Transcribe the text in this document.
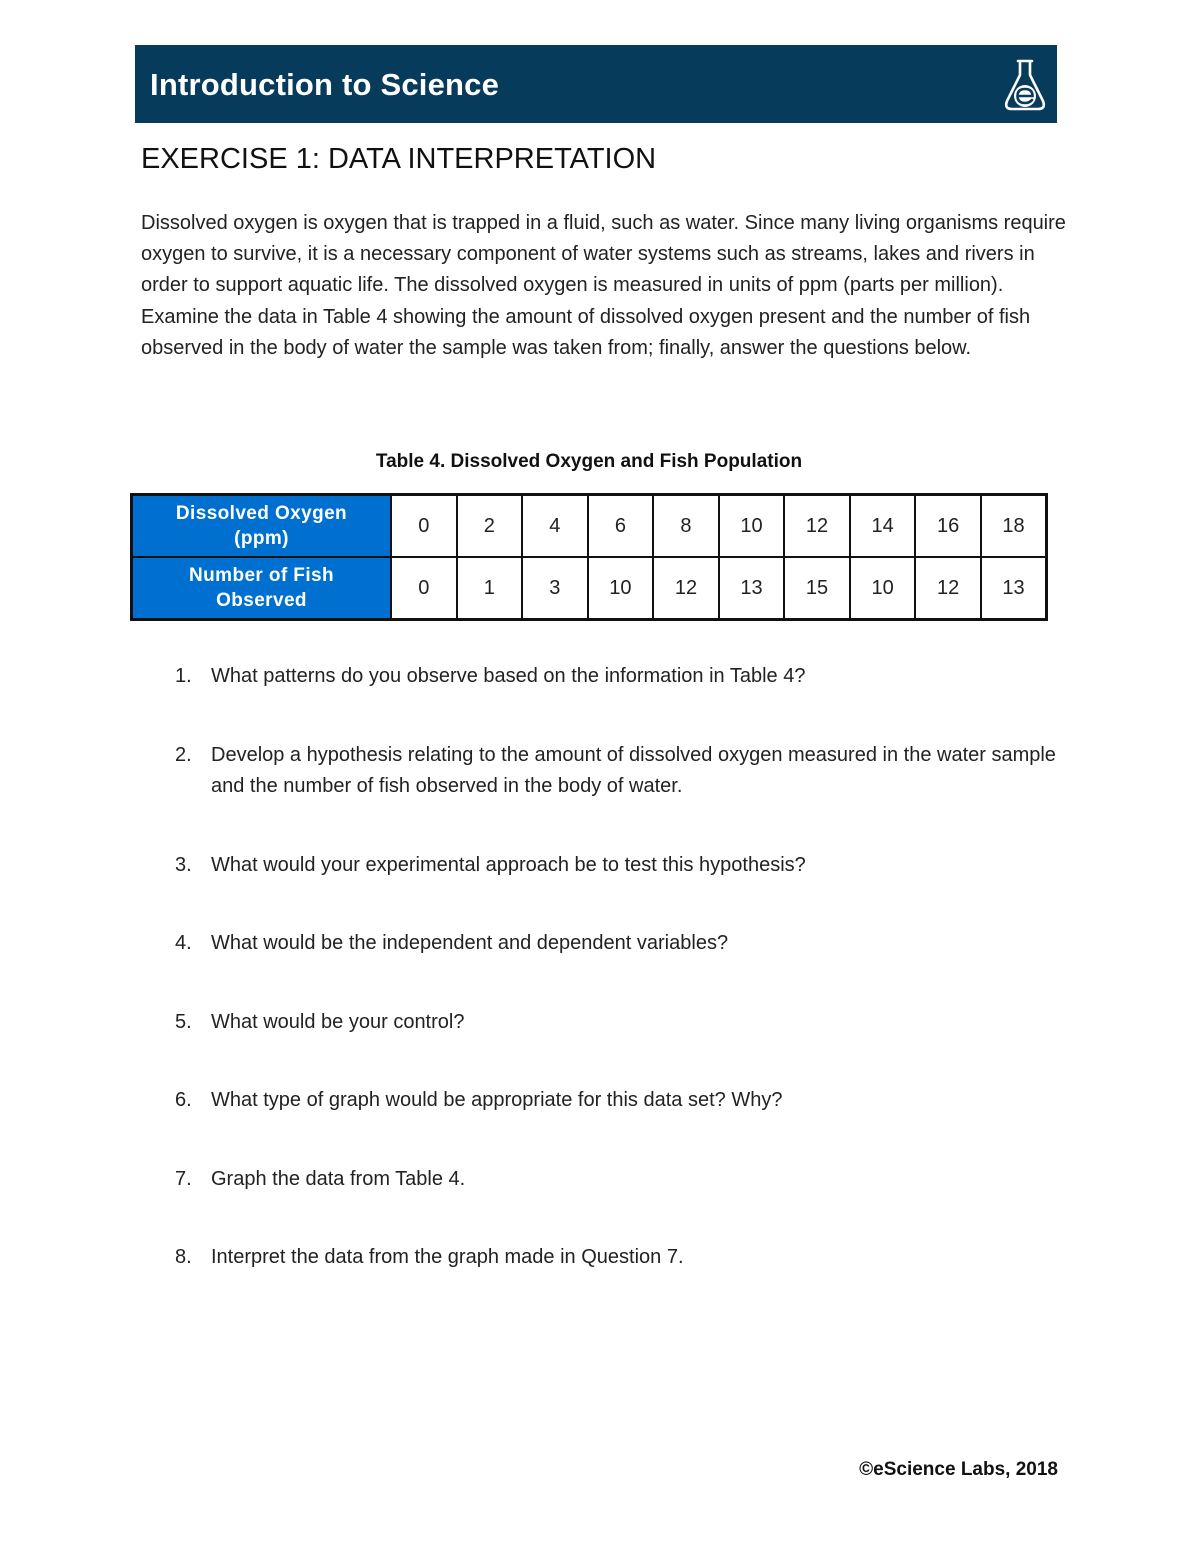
Introduction to Science
EXERCISE 1: DATA INTERPRETATION

Dissolved oxygen is oxygen that is trapped in a fluid, such as water. Since many living organisms require oxygen to survive, it is a necessary component of water systems such as streams, lakes and rivers in order to support aquatic life. The dissolved oxygen is measured in units of ppm (parts per million). Examine the data in Table 4 showing the amount of dissolved oxygen present and the number of fish observed in the body of water the sample was taken from; finally, answer the questions below.

Table 4. Dissolved Oxygen and Fish Population
Dissolved Oxygen
(ppm)	0	2	4	6	8	10	12	14	16	18
Number of Fish
Observed	0	1	3	10	12	13	15	10	12	13
1. What patterns do you observe based on the information in Table 4?
2. Develop a hypothesis relating to the amount of dissolved oxygen measured in the water sample and the number of fish observed in the body of water.
3. What would your experimental approach be to test this hypothesis?
4. What would be the independent and dependent variables?
5. What would be your control?
6. What type of graph would be appropriate for this data set? Why?
7. Graph the data from Table 4.
8. Interpret the data from the graph made in Question 7.
©eScience Labs, 2018
